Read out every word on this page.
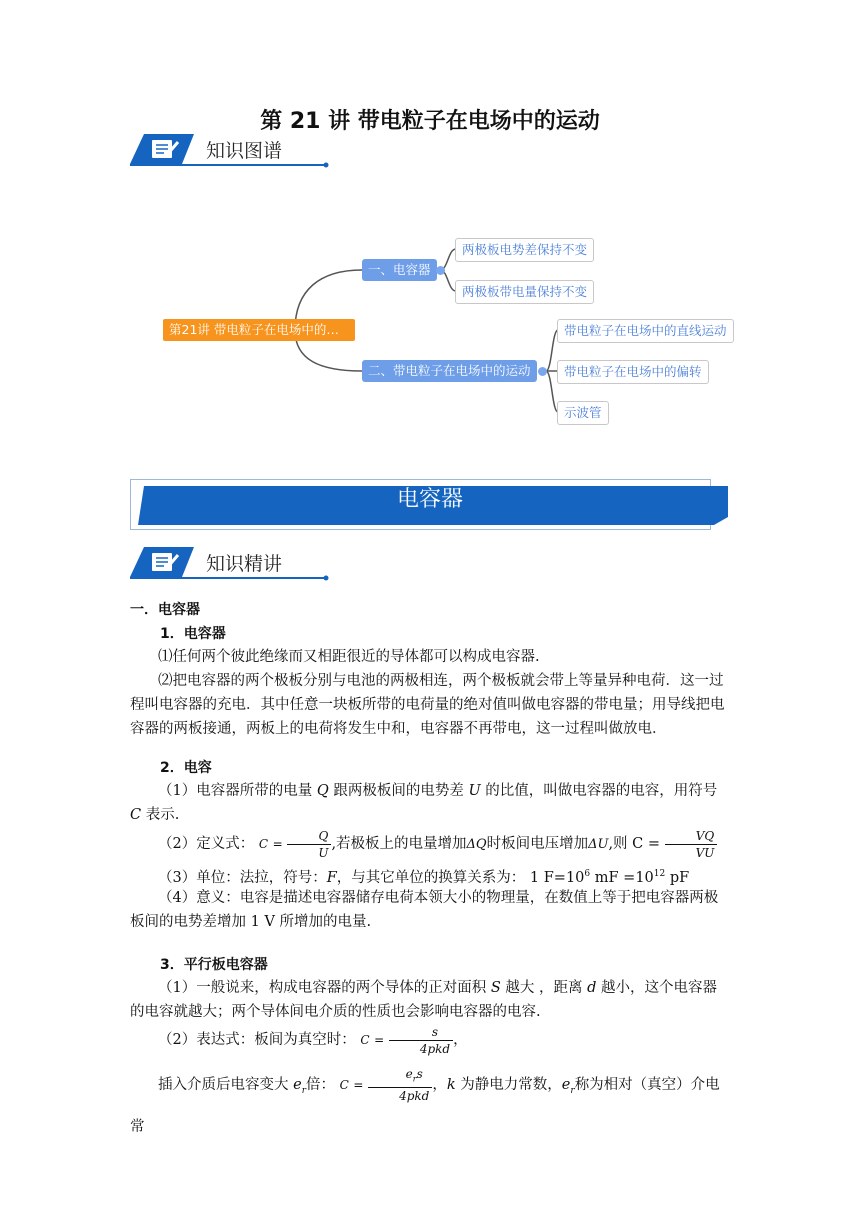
第 21 讲 带电粒子在电场中的运动
知识图谱
第21讲 带电粒子在电场中的…
一、电容器
二、带电粒子在电场中的运动
两极板电势差保持不变
两极板带电量保持不变
带电粒子在电场中的直线运动
带电粒子在电场中的偏转
示波管
电容器
知识精讲
一．电容器
1．电容器
⑴任何两个彼此绝缘而又相距很近的导体都可以构成电容器.
⑵把电容器的两个极板分别与电池的两极相连，两个极板就会带上等量异种电荷．这一过程叫电容器的充电．其中任意一块板所带的电荷量的绝对值叫做电容器的带电量；用导线把电容器的两板接通，两板上的电荷将发生中和，电容器不再带电，这一过程叫做放电．
2．电容
（1）电容器所带的电量 Q 跟两极板间的电势差 U 的比值，叫做电容器的电容，用符号 C 表示.
（2）定义式： $C = \frac{Q}{U}$ ,若极板上的电量增加ΔQ时板间电压增加ΔU,则 $C = \frac{VQ}{VU}$
（3）单位：法拉，符号：F，与其它单位的换算关系为： 1 $F=10^6$ mF $=10^{12}$ pF
（4）意义：电容是描述电容器储存电荷本领大小的物理量，在数值上等于把电容器两极板间的电势差增加 1 V 所增加的电量.
3．平行板电容器
（1）一般说来，构成电容器的两个导体的正对面积 S 越大 ，距离 d 越小，这个电容器的电容就越大；两个导体间电介质的性质也会影响电容器的电容.
（2）表达式：板间为真空时： $C = \frac{s}{\text{4pkd}}$ ，
插入介质后电容变大 $e_r$倍： $C = \frac{e_rs}{\text{4pkd}}$ ，k 为静电力常数，$e_r$称为相对（真空）介电常
